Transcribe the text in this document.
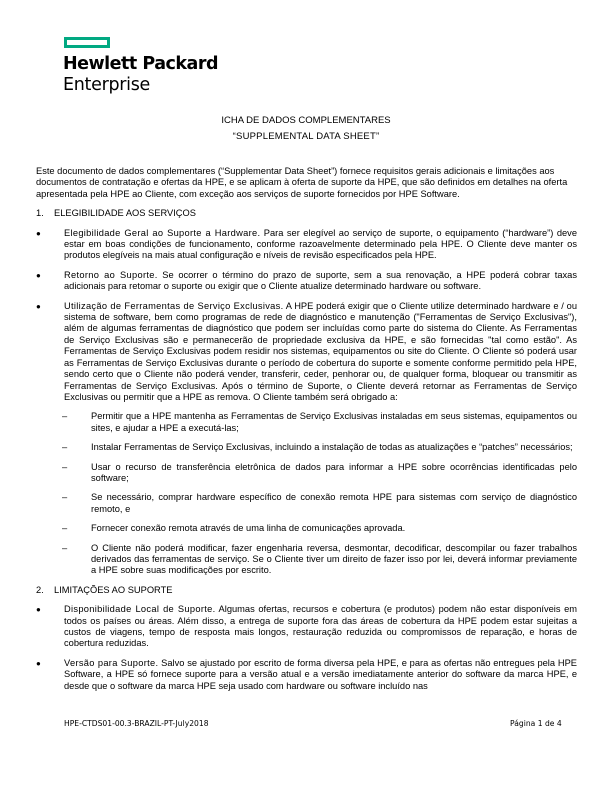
Hewlett Packard
Enterprise
ICHA DE DADOS COMPLEMENTARES
“SUPPLEMENTAL DATA SHEET”

Este documento de dados complementares (“Supplementar Data Sheet”) fornece requisitos gerais adicionais e limitações aos documentos de contratação e ofertas da HPE, e se aplicam à oferta de suporte da HPE, que são definidos em detalhes na oferta apresentada pela HPE ao Cliente, com exceção aos serviços de suporte fornecidos por HPE Software.

1. ELEGIBILIDADE AOS SERVIÇOS
● Elegibilidade Geral ao Suporte a Hardware. Para ser elegível ao serviço de suporte, o equipamento (“hardware”) deve estar em boas condições de funcionamento, conforme razoavelmente determinado pela HPE. O Cliente deve manter os produtos elegíveis na mais atual configuração e níveis de revisão especificados pela HPE.
● Retorno ao Suporte. Se ocorrer o término do prazo de suporte, sem a sua renovação, a HPE poderá cobrar taxas adicionais para retomar o suporte ou exigir que o Cliente atualize determinado hardware ou software.
● Utilização de Ferramentas de Serviço Exclusivas. A HPE poderá exigir que o Cliente utilize determinado hardware e / ou sistema de software, bem como programas de rede de diagnóstico e manutenção ("Ferramentas de Serviço Exclusivas"), além de algumas ferramentas de diagnóstico que podem ser incluídas como parte do sistema do Cliente. As Ferramentas de Serviço Exclusivas são e permanecerão de propriedade exclusiva da HPE, e são fornecidas "tal como estão". As Ferramentas de Serviço Exclusivas podem residir nos sistemas, equipamentos ou site do Cliente. O Cliente só poderá usar as Ferramentas de Serviço Exclusivas durante o período de cobertura do suporte e somente conforme permitido pela HPE, sendo certo que o Cliente não poderá vender, transferir, ceder, penhorar ou, de qualquer forma, bloquear ou transmitir as Ferramentas de Serviço Exclusivas. Após o término de Suporte, o Cliente deverá retornar as Ferramentas de Serviço Exclusivas ou permitir que a HPE as remova. O Cliente também será obrigado a:
–	Permitir que a HPE mantenha as Ferramentas de Serviço Exclusivas instaladas em seus sistemas, equipamentos ou sites, e ajudar a HPE a executá-las;
–	Instalar Ferramentas de Serviço Exclusivas, incluindo a instalação de todas as atualizações e “patches” necessários;
–	Usar o recurso de transferência eletrônica de dados para informar a HPE sobre ocorrências identificadas pelo software;
–	Se necessário, comprar hardware específico de conexão remota HPE para sistemas com serviço de diagnóstico remoto, e
–	Fornecer conexão remota através de uma linha de comunicações aprovada.
–	O Cliente não poderá modificar, fazer engenharia reversa, desmontar, decodificar, descompilar ou fazer trabalhos derivados das ferramentas de serviço. Se o Cliente tiver um direito de fazer isso por lei, deverá informar previamente a HPE sobre suas modificações por escrito.
2. LIMITAÇÕES AO SUPORTE
● Disponibilidade Local de Suporte. Algumas ofertas, recursos e cobertura (e produtos) podem não estar disponíveis em todos os países ou áreas. Além disso, a entrega de suporte fora das áreas de cobertura da HPE podem estar sujeitas a custos de viagens, tempo de resposta mais longos, restauração reduzida ou compromissos de reparação, e horas de cobertura reduzidas.
● Versão para Suporte. Salvo se ajustado por escrito de forma diversa pela HPE, e para as ofertas não entregues pela HPE Software, a HPE só fornece suporte para a versão atual e a versão imediatamente anterior do software da marca HPE, e desde que o software da marca HPE seja usado com hardware ou software incluído nas
HPE-CTDS01-00.3-BRAZIL-PT-July2018	Página 1 de 4
